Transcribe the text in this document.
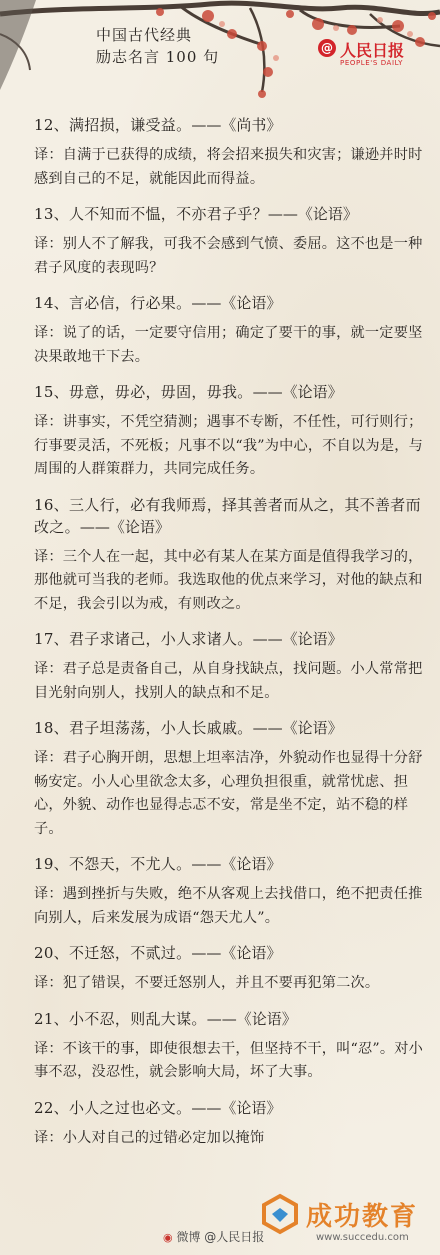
中国古代经典
励志名言 100 句	@ 人民日报
PEOPLE'S DAILY
12、满招损，谦受益。——《尚书》
译：自满于已获得的成绩，将会招来损失和灾害；谦逊并时时感到自己的不足，就能因此而得益。
13、人不知而不愠，不亦君子乎？——《论语》
译：别人不了解我，可我不会感到气愤、委屈。这不也是一种君子风度的表现吗？
14、言必信，行必果。——《论语》
译：说了的话，一定要守信用；确定了要干的事，就一定要坚决果敢地干下去。
15、毋意，毋必，毋固，毋我。——《论语》
译：讲事实，不凭空猜测；遇事不专断，不任性，可行则行；行事要灵活，不死板；凡事不以“我”为中心，不自以为是，与周围的人群策群力，共同完成任务。
16、三人行，必有我师焉，择其善者而从之，其不善者而改之。——《论语》
译：三个人在一起，其中必有某人在某方面是值得我学习的，那他就可当我的老师。我选取他的优点来学习，对他的缺点和不足，我会引以为戒，有则改之。
17、君子求诸己，小人求诸人。——《论语》
译：君子总是责备自己，从自身找缺点，找问题。小人常常把目光射向别人，找别人的缺点和不足。
18、君子坦荡荡，小人长戚戚。——《论语》
译：君子心胸开朗，思想上坦率洁净，外貌动作也显得十分舒畅安定。小人心里欲念太多，心理负担很重，就常忧虑、担心，外貌、动作也显得忐忑不安，常是坐不定，站不稳的样子。
19、不怨天，不尤人。——《论语》
译：遇到挫折与失败，绝不从客观上去找借口，绝不把责任推向别人，后来发展为成语“怨天尤人”。
20、不迁怒，不贰过。——《论语》
译：犯了错误，不要迁怒别人，并且不要再犯第二次。
21、小不忍，则乱大谋。——《论语》
译：不该干的事，即使很想去干，但坚持不干，叫“忍”。对小事不忍，没忍性，就会影响大局，坏了大事。
22、小人之过也必文。——《论语》
译：小人对自己的过错必定加以掩饰
◉ 微博 @人民日报
成功教育
www.succedu.com
